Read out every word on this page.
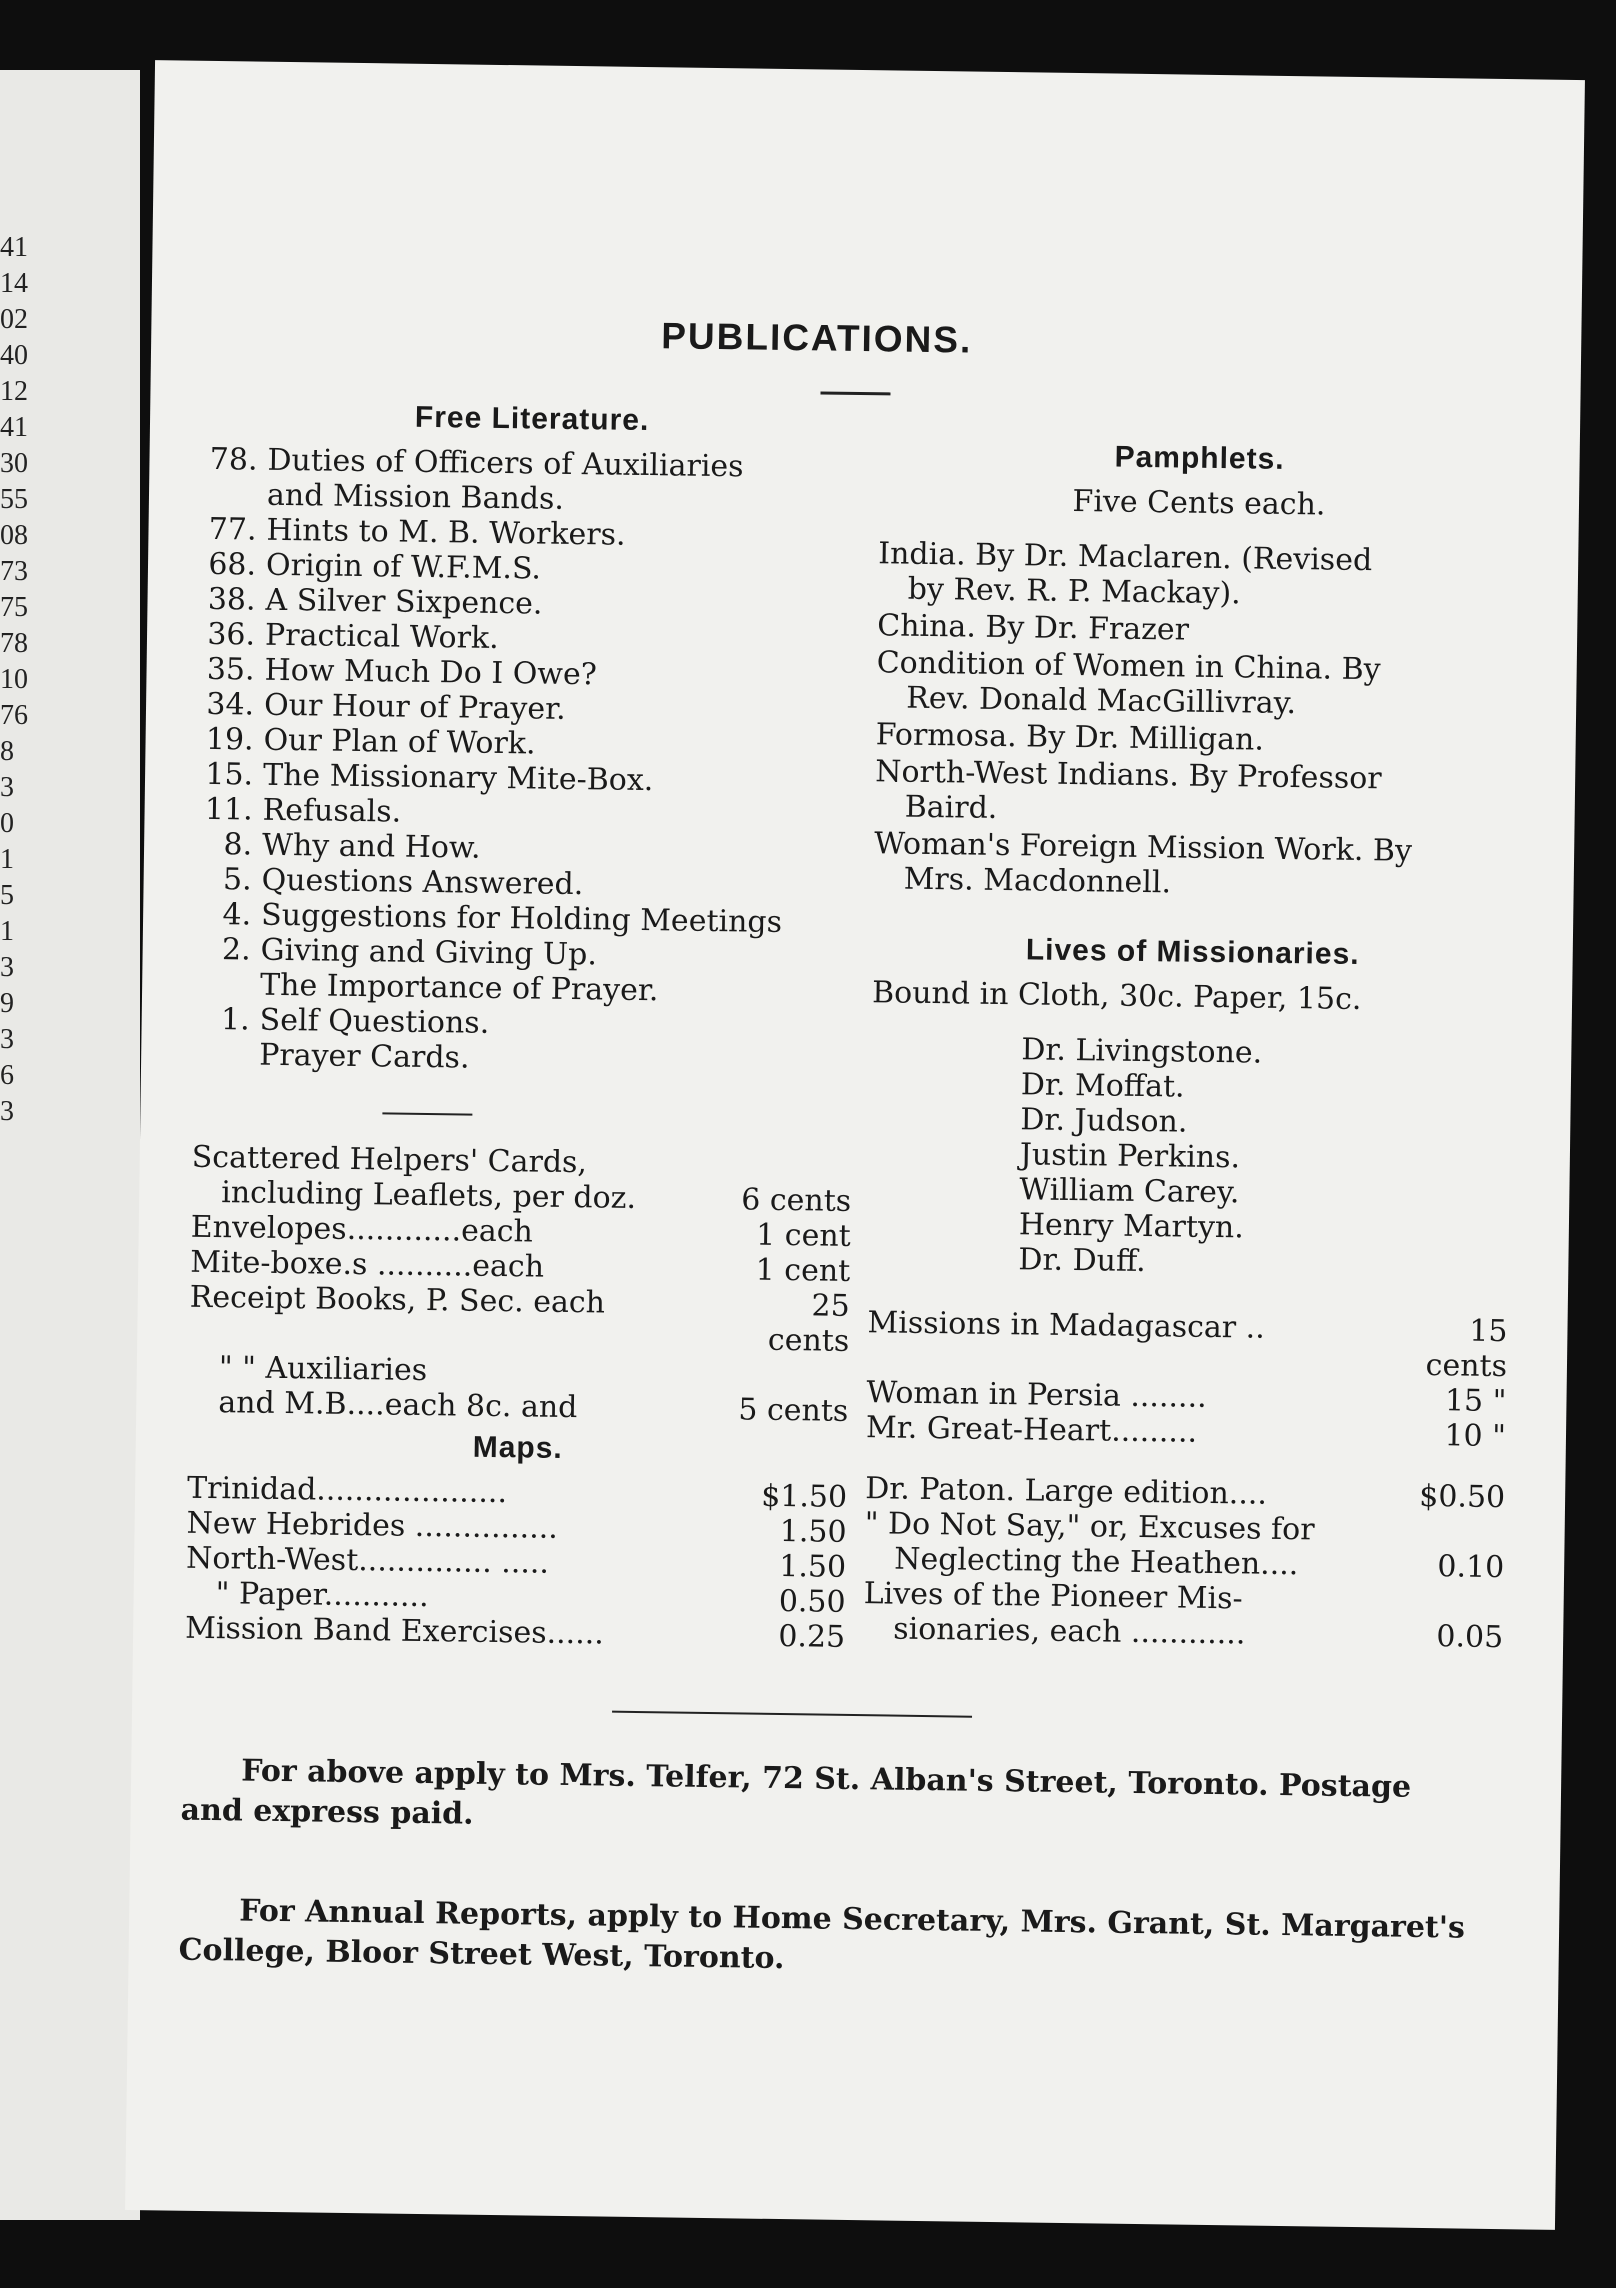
41
14
02
40
12
41
30
55
08
73
75
78
10
76
8
3
0
1
5
1
3
9
3
6
3
PUBLICATIONS.
Free Literature.
78. Duties of Officers of Auxiliaries
and Mission Bands.
77. Hints to M. B. Workers.
68. Origin of W.F.M.S.
38. A Silver Sixpence.
36. Practical Work.
35. How Much Do I Owe?
34. Our Hour of Prayer.
19. Our Plan of Work.
15. The Missionary Mite-Box.
11. Refusals.
8. Why and How.
5. Questions Answered.
4. Suggestions for Holding Meetings
2. Giving and Giving Up.
The Importance of Prayer.
1. Self Questions.
Prayer Cards.
Scattered Helpers' Cards,
including Leaflets, per doz.	6 cents
Envelopes............each	1 cent
Mite-boxe.s ..........each	1 cent
Receipt Books, P. Sec. each	25 cents
" " Auxiliaries
and M.B....each 8c. and	5 cents
Maps.
Trinidad....................	$1.50
New Hebrides ...............	1.50
North-West.............. .....	1.50
" Paper...........	0.50
Mission Band Exercises......	0.25
Pamphlets.
Five Cents each.
India. By Dr. Maclaren. (Revised
by Rev. R. P. Mackay).
China. By Dr. Frazer
Condition of Women in China. By
Rev. Donald MacGillivray.
Formosa. By Dr. Milligan.
North-West Indians. By Professor
Baird.
Woman's Foreign Mission Work. By
Mrs. Macdonnell.
Lives of Missionaries.
Bound in Cloth, 30c. Paper, 15c.
Dr. Livingstone.
Dr. Moffat.
Dr. Judson.
Justin Perkins.
William Carey.
Henry Martyn.
Dr. Duff.
Missions in Madagascar ..	15 cents
Woman in Persia ........	15 "
Mr. Great-Heart.........	10 "
Dr. Paton. Large edition....	$0.50
" Do Not Say," or, Excuses for
Neglecting the Heathen....	0.10
Lives of the Pioneer Mis-
sionaries, each ............	0.05
For above apply to Mrs. Telfer, 72 St. Alban's Street, Toronto. Postage and express paid.
For Annual Reports, apply to Home Secretary, Mrs. Grant, St. Margaret's College, Bloor Street West, Toronto.
